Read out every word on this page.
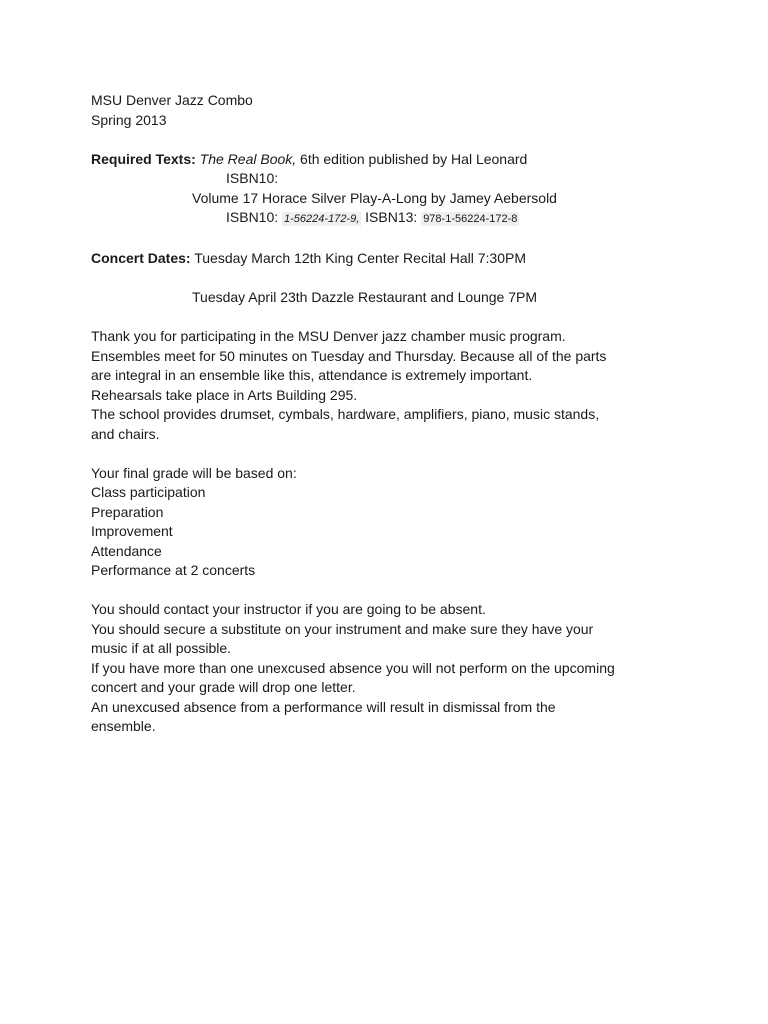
MSU Denver Jazz Combo
Spring 2013
Required Texts: The Real Book, 6th edition published by Hal Leonard
ISBN10:
Volume 17 Horace Silver Play-A-Long by Jamey Aebersold
ISBN10: 1-56224-172-9, ISBN13: 978-1-56224-172-8
Concert Dates: Tuesday March 12th King Center Recital Hall 7:30PM
Tuesday April 23th Dazzle Restaurant and Lounge 7PM
Thank you for participating in the MSU Denver jazz chamber music program.
Ensembles meet for 50 minutes on Tuesday and Thursday. Because all of the parts
are integral in an ensemble like this, attendance is extremely important.
Rehearsals take place in Arts Building 295.
The school provides drumset, cymbals, hardware, amplifiers, piano, music stands,
and chairs.
Your final grade will be based on:
Class participation
Preparation
Improvement
Attendance
Performance at 2 concerts
You should contact your instructor if you are going to be absent.
You should secure a substitute on your instrument and make sure they have your
music if at all possible.
If you have more than one unexcused absence you will not perform on the upcoming
concert and your grade will drop one letter.
An unexcused absence from a performance will result in dismissal from the
ensemble.
